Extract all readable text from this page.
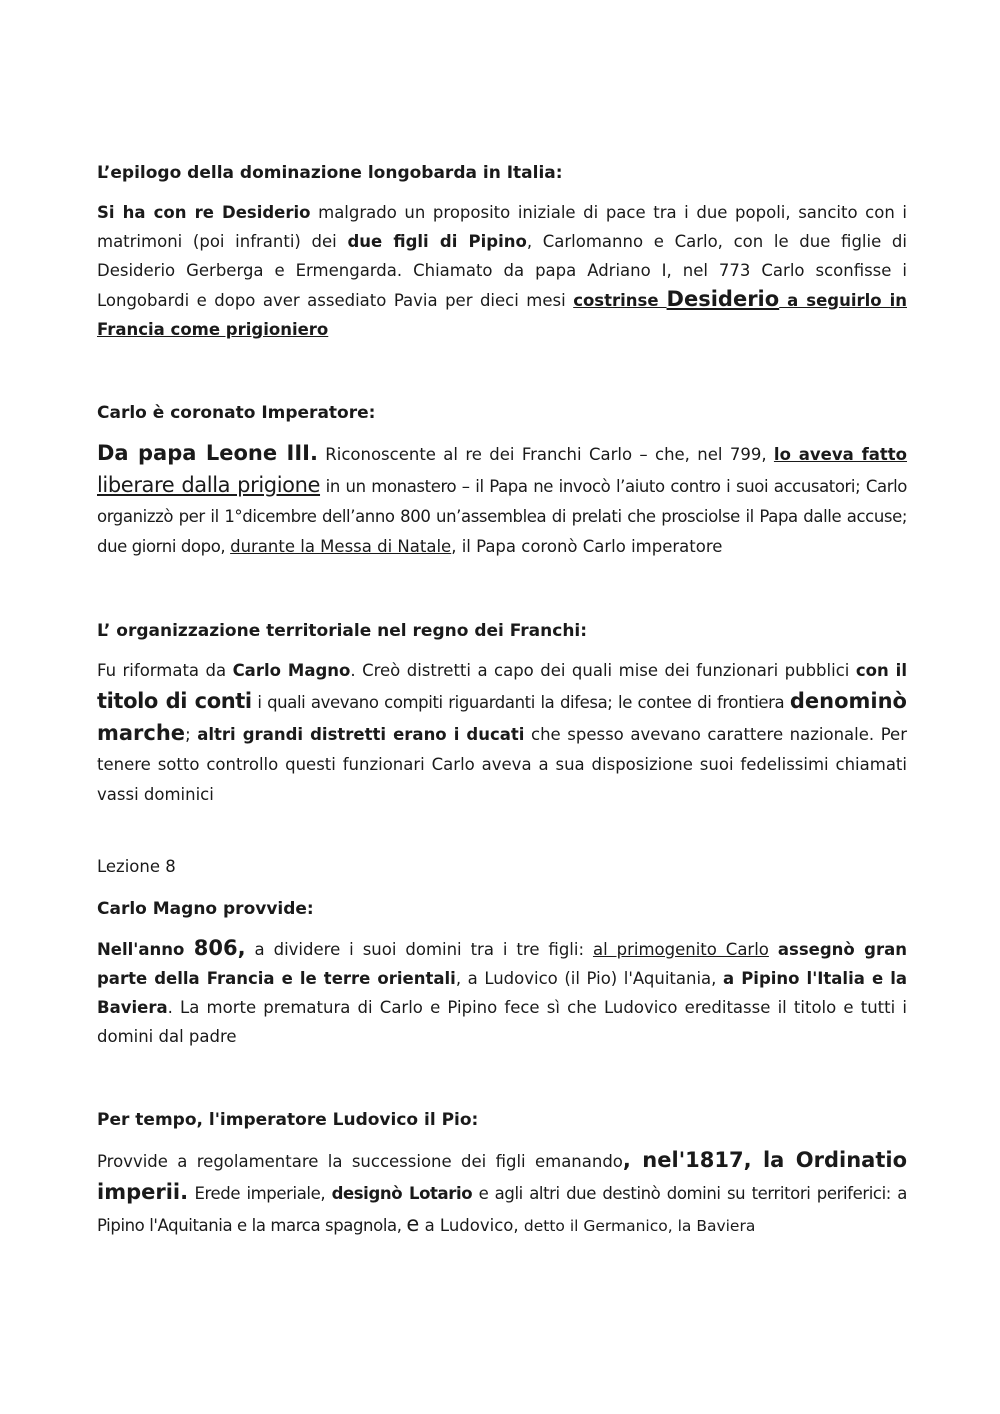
L’epilogo della dominazione longobarda in Italia:

Si ha con re Desiderio malgrado un proposito iniziale di pace tra i due popoli, sancito con i matrimoni (poi infranti) dei due figli di Pipino, Carlomanno e Carlo, con le due figlie di Desiderio Gerberga e Ermengarda. Chiamato da papa Adriano I, nel 773 Carlo sconfisse i Longobardi e dopo aver assediato Pavia per dieci mesi costrinse Desiderio a seguirlo in Francia come prigioniero

Carlo è coronato Imperatore:

Da papa Leone III. Riconoscente al re dei Franchi Carlo – che, nel 799, lo aveva fatto liberare dalla prigione in un monastero – il Papa ne invocò l’aiuto contro i suoi accusatori; Carlo organizzò per il 1°dicembre dell’anno 800 un’assemblea di prelati che prosciolse il Papa dalle accuse; due giorni dopo, durante la Messa di Natale, il Papa coronò Carlo imperatore

L’ organizzazione territoriale nel regno dei Franchi:

Fu riformata da Carlo Magno. Creò distretti a capo dei quali mise dei funzionari pubblici con il titolo di conti i quali avevano compiti riguardanti la difesa; le contee di frontiera denominò marche; altri grandi distretti erano i ducati che spesso avevano carattere nazionale. Per tenere sotto controllo questi funzionari Carlo aveva a sua disposizione suoi fedelissimi chiamati vassi dominici

Lezione 8

Carlo Magno provvide:

Nell'anno 806, a dividere i suoi domini tra i tre figli: al primogenito Carlo assegnò gran parte della Francia e le terre orientali, a Ludovico (il Pio) l'Aquitania, a Pipino l'Italia e la Baviera. La morte prematura di Carlo e Pipino fece sì che Ludovico ereditasse il titolo e tutti i domini dal padre

Per tempo, l'imperatore Ludovico il Pio:

Provvide a regolamentare la successione dei figli emanando, nel'1817, la Ordinatio imperii. Erede imperiale, designò Lotario e agli altri due destinò domini su territori periferici: a Pipino l'Aquitania e la marca spagnola, e a Ludovico, detto il Germanico, la Baviera
